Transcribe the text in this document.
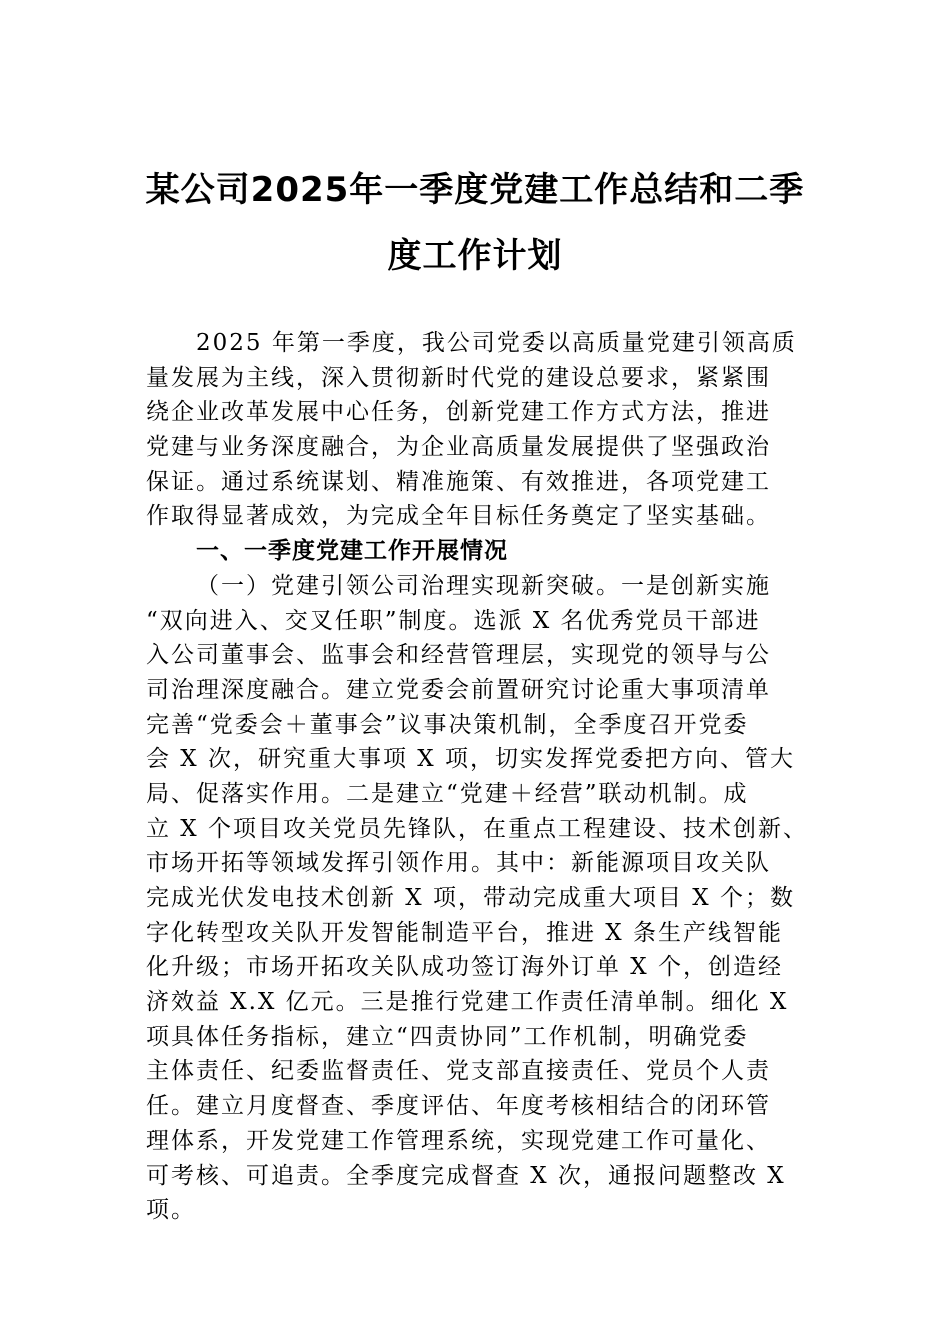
某公司2025年一季度党建工作总结和二季
度工作计划
2025 年第一季度，我公司党委以高质量党建引领高质
量发展为主线，深入贯彻新时代党的建设总要求，紧紧围
绕企业改革发展中心任务，创新党建工作方式方法，推进
党建与业务深度融合，为企业高质量发展提供了坚强政治
保证。通过系统谋划、精准施策、有效推进，各项党建工
作取得显著成效，为完成全年目标任务奠定了坚实基础。
一、一季度党建工作开展情况
（一）党建引领公司治理实现新突破。一是创新实施
“双向进入、交叉任职”制度。选派 X 名优秀党员干部进
入公司董事会、监事会和经营管理层，实现党的领导与公
司治理深度融合。建立党委会前置研究讨论重大事项清单
完善“党委会＋董事会”议事决策机制，全季度召开党委
会 X 次，研究重大事项 X 项，切实发挥党委把方向、管大
局、促落实作用。二是建立“党建＋经营”联动机制。成
立 X 个项目攻关党员先锋队，在重点工程建设、技术创新、
市场开拓等领域发挥引领作用。其中：新能源项目攻关队
完成光伏发电技术创新 X 项，带动完成重大项目 X 个；数
字化转型攻关队开发智能制造平台，推进 X 条生产线智能
化升级；市场开拓攻关队成功签订海外订单 X 个，创造经
济效益 X.X 亿元。三是推行党建工作责任清单制。细化 X
项具体任务指标，建立“四责协同”工作机制，明确党委
主体责任、纪委监督责任、党支部直接责任、党员个人责
任。建立月度督查、季度评估、年度考核相结合的闭环管
理体系，开发党建工作管理系统，实现党建工作可量化、
可考核、可追责。全季度完成督查 X 次，通报问题整改 X
项。
